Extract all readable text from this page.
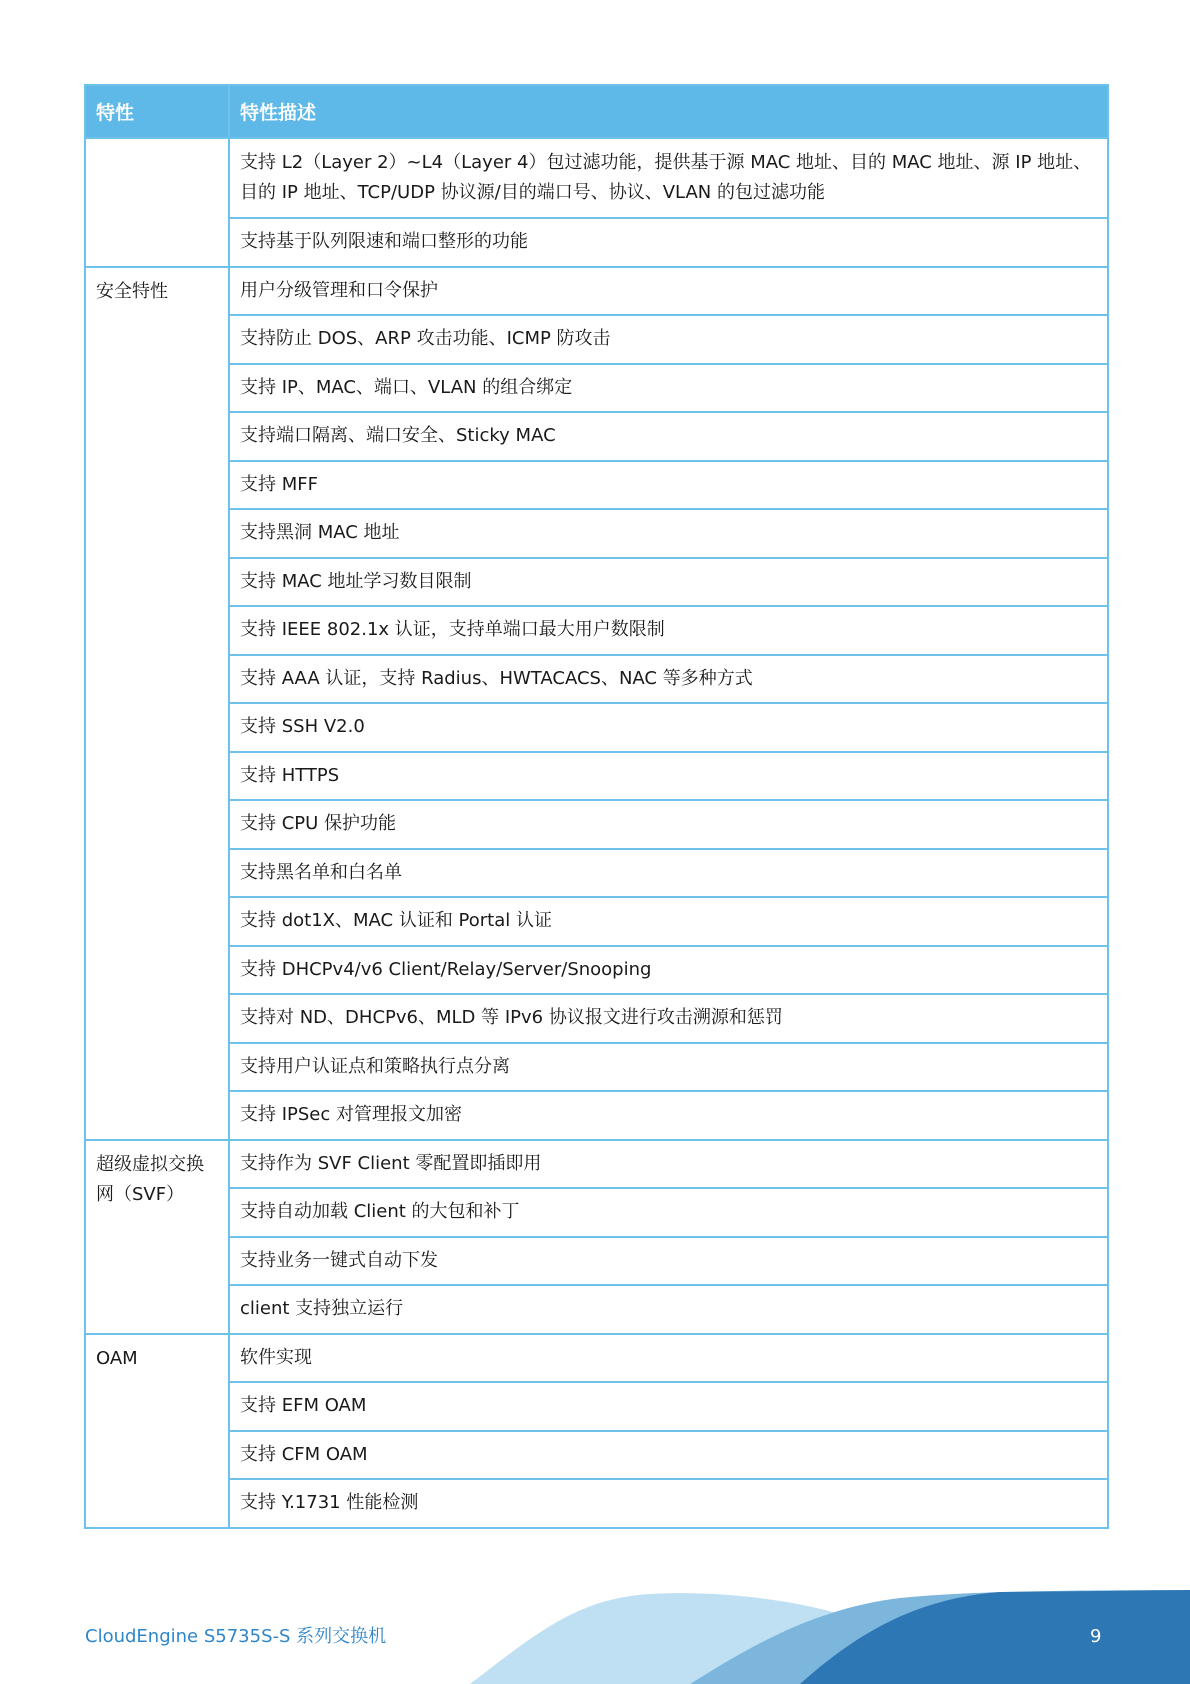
特性	特性描述
	支持 L2（Layer 2）~L4（Layer 4）包过滤功能，提供基于源 MAC 地址、目的 MAC 地址、源 IP 地址、目的 IP 地址、TCP/UDP 协议源/目的端口号、协议、VLAN 的包过滤功能
	支持基于队列限速和端口整形的功能
安全特性	用户分级管理和口令保护
	支持防止 DOS、ARP 攻击功能、ICMP 防攻击
	支持 IP、MAC、端口、VLAN 的组合绑定
	支持端口隔离、端口安全、Sticky MAC
	支持 MFF
	支持黑洞 MAC 地址
	支持 MAC 地址学习数目限制
	支持 IEEE 802.1x 认证，支持单端口最大用户数限制
	支持 AAA 认证，支持 Radius、HWTACACS、NAC 等多种方式
	支持 SSH V2.0
	支持 HTTPS
	支持 CPU 保护功能
	支持黑名单和白名单
	支持 dot1X、MAC 认证和 Portal 认证
	支持 DHCPv4/v6 Client/Relay/Server/Snooping
	支持对 ND、DHCPv6、MLD 等 IPv6 协议报文进行攻击溯源和惩罚
	支持用户认证点和策略执行点分离
	支持 IPSec 对管理报文加密
超级虚拟交换网（SVF）	支持作为 SVF Client 零配置即插即用
	支持自动加载 Client 的大包和补丁
	支持业务一键式自动下发
	client 支持独立运行
OAM	软件实现
	支持 EFM OAM
	支持 CFM OAM
	支持 Y.1731 性能检测
CloudEngine S5735S-S 系列交换机	9
